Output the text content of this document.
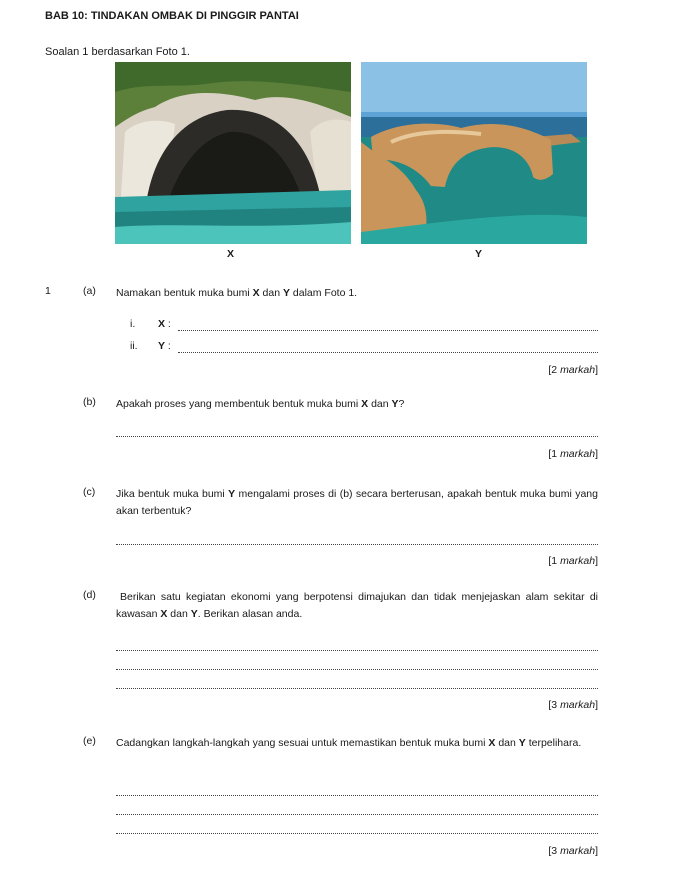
BAB 10: TINDAKAN OMBAK DI PINGGIR PANTAI
Soalan 1 berdasarkan Foto 1.
X	Y
1	(a) Namakan bentuk muka bumi X dan Y dalam Foto 1.
i. X :
ii. Y :
[2 markah]
(b) Apakah proses yang membentuk bentuk muka bumi X dan Y?
[1 markah]
(c) Jika bentuk muka bumi Y mengalami proses di (b) secara berterusan, apakah bentuk muka bumi yang akan terbentuk?
[1 markah]
(d)	Berikan satu kegiatan ekonomi yang berpotensi dimajukan dan tidak menjejaskan alam sekitar di kawasan X dan Y. Berikan alasan anda.
[3 markah]
(e) Cadangkan langkah-langkah yang sesuai untuk memastikan bentuk muka bumi X dan Y terpelihara.
[3 markah]
